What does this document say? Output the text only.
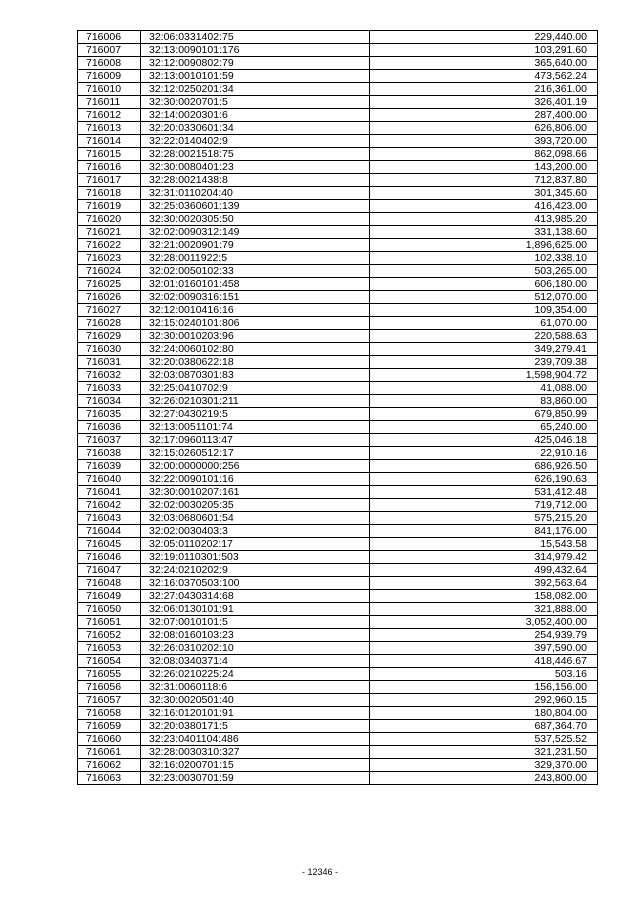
716006	32:06:0331402:75	229,440.00
716007	32:13:0090101:176	103,291.60
716008	32:12:0090802:79	365,640.00
716009	32:13:0010101:59	473,562.24
716010	32:12:0250201:34	216,361.00
716011	32:30:0020701:5	326,401.19
716012	32:14:0020301:6	287,400.00
716013	32:20:0330601:34	626,806.00
716014	32:22:0140402:9	393,720.00
716015	32:28:0021518:75	862,098.66
716016	32:30:0080401:23	143,200.00
716017	32:28:0021438:8	712,837.80
716018	32:31:0110204:40	301,345.60
716019	32:25:0360601:139	416,423.00
716020	32:30:0020305:50	413,985.20
716021	32:02:0090312:149	331,138.60
716022	32:21:0020901:79	1,896,625.00
716023	32:28:0011922:5	102,338.10
716024	32:02:0050102:33	503,265.00
716025	32:01:0160101:458	606,180.00
716026	32:02:0090316:151	512,070.00
716027	32:12:0010416:16	109,354.00
716028	32:15:0240101:806	61,070.00
716029	32:30:0010203:96	220,588.63
716030	32:24:0060102:80	349,279.41
716031	32:20:0380622:18	239,709.38
716032	32:03:0870301:83	1,598,904.72
716033	32:25:0410702:9	41,088.00
716034	32:26:0210301:211	83,860.00
716035	32:27:0430219:5	679,850.99
716036	32:13:0051101:74	65,240.00
716037	32:17:0960113:47	425,046.18
716038	32:15:0260512:17	22,910.16
716039	32:00:0000000:256	686,926.50
716040	32:22:0090101:16	626,190.63
716041	32:30:0010207:161	531,412.48
716042	32:02:0030205:35	719,712.00
716043	32:03:0680601:54	575,215.20
716044	32:02:0030403:3	841,176.00
716045	32:05:0110202:17	15,543.58
716046	32:19:0110301:503	314,979.42
716047	32:24:0210202:9	499,432.64
716048	32:16:0370503:100	392,563.64
716049	32:27:0430314:68	158,082.00
716050	32:06:0130101:91	321,888.00
716051	32:07:0010101:5	3,052,400.00
716052	32:08:0160103:23	254,939.79
716053	32:26:0310202:10	397,590.00
716054	32:08:0340371:4	418,446.67
716055	32:26:0210225:24	503.16
716056	32:31:0060118:6	156,156.00
716057	32:30:0020501:40	292,960.15
716058	32:16:0120101:91	180,804.00
716059	32:20:0380171:5	687,364.70
716060	32:23:0401104:486	537,525.52
716061	32:28:0030310:327	321,231.50
716062	32:16:0200701:15	329,370.00
716063	32:23:0030701:59	243,800.00
- 12346 -
